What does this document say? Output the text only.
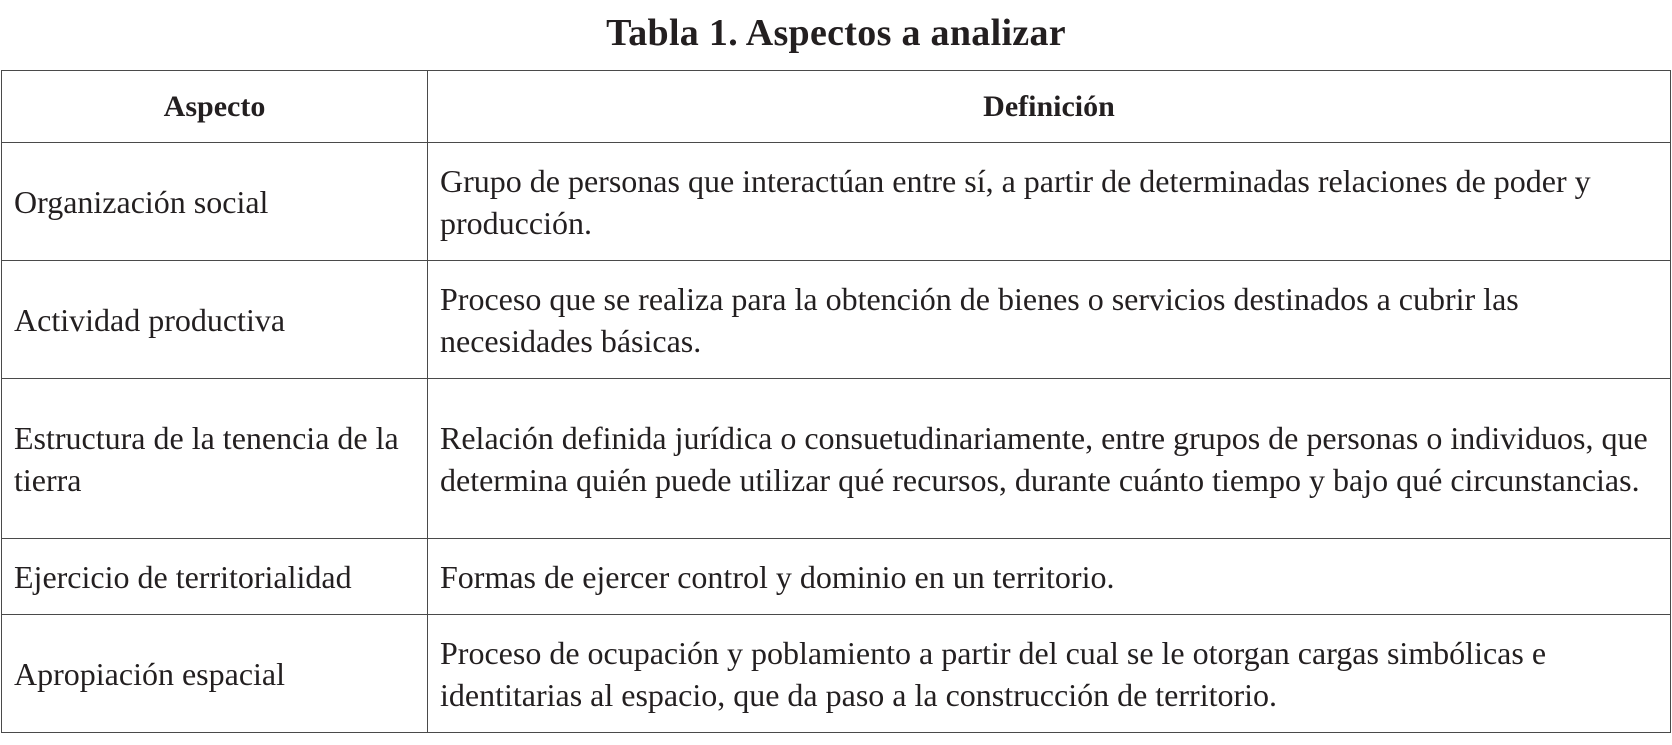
Tabla 1. Aspectos a analizar
Aspecto	Definición
Organización social	Grupo de personas que interactúan entre sí, a partir de determinadas relaciones de poder y producción.
Actividad productiva	Proceso que se realiza para la obtención de bienes o servicios destinados a cubrir las necesidades básicas.
Estructura de la tenencia de la tierra	Relación definida jurídica o consuetudinariamente, entre grupos de personas o individuos, que determina quién puede utilizar qué recursos, durante cuánto tiempo y bajo qué circunstancias.
Ejercicio de territorialidad	Formas de ejercer control y dominio en un territorio.
Apropiación espacial	Proceso de ocupación y poblamiento a partir del cual se le otorgan cargas simbólicas e identitarias al espacio, que da paso a la construcción de territorio.
